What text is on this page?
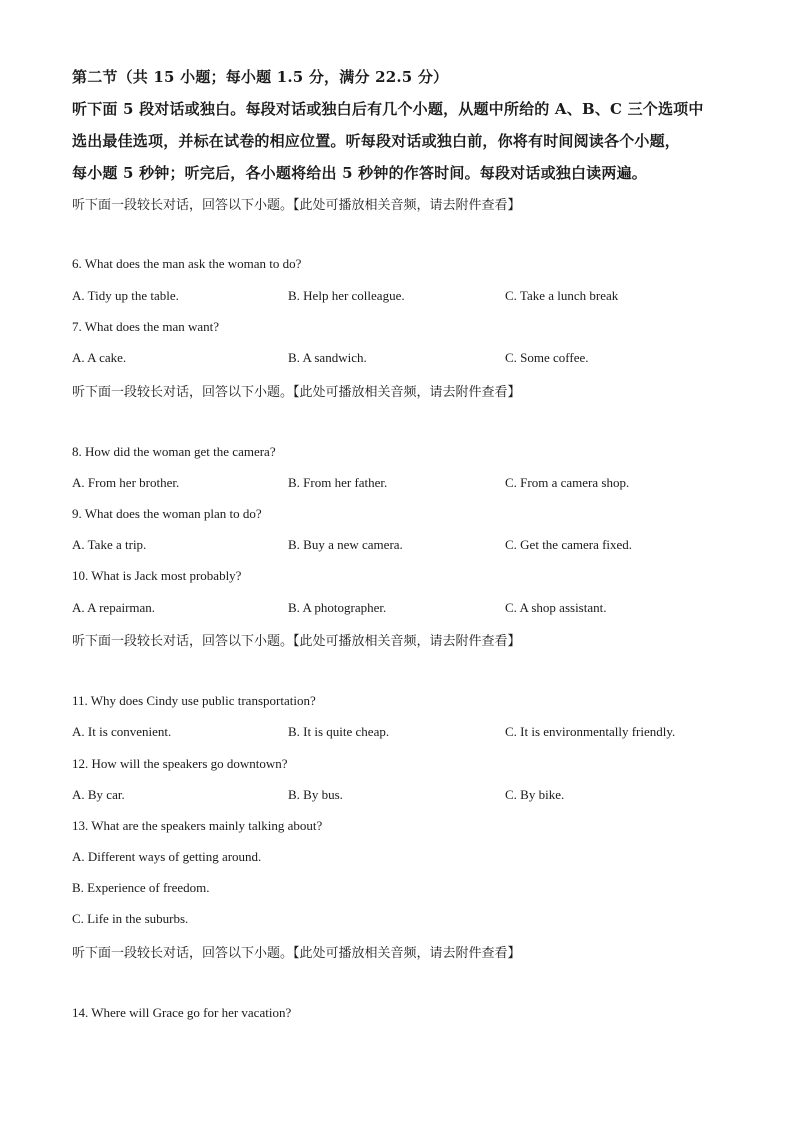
第二节（共 15 小题；每小题 1.5 分，满分 22.5 分）
听下面 5 段对话或独白。每段对话或独白后有几个小题，从题中所给的 A、B、C 三个选项中
选出最佳选项，并标在试卷的相应位置。听每段对话或独白前，你将有时间阅读各个小题，
每小题 5 秒钟；听完后，各小题将给出 5 秒钟的作答时间。每段对话或独白读两遍。
听下面一段较长对话，回答以下小题。【此处可播放相关音频，请去附件查看】
6. What does the man ask the woman to do?
A. Tidy up the table.	B. Help her colleague.	C. Take a lunch break
7. What does the man want?
A. A cake.	B. A sandwich.	C. Some coffee.
听下面一段较长对话，回答以下小题。【此处可播放相关音频，请去附件查看】
8. How did the woman get the camera?
A. From her brother.	B. From her father.	C. From a camera shop.
9. What does the woman plan to do?
A. Take a trip.	B. Buy a new camera.	C. Get the camera fixed.
10. What is Jack most probably?
A. A repairman.	B. A photographer.	C. A shop assistant.
听下面一段较长对话，回答以下小题。【此处可播放相关音频，请去附件查看】
11. Why does Cindy use public transportation?
A. It is convenient.	B. It is quite cheap.	C. It is environmentally friendly.
12. How will the speakers go downtown?
A. By car.	B. By bus.	C. By bike.
13. What are the speakers mainly talking about?
A. Different ways of getting around.
B. Experience of freedom.
C. Life in the suburbs.
听下面一段较长对话，回答以下小题。【此处可播放相关音频，请去附件查看】
14. Where will Grace go for her vacation?
